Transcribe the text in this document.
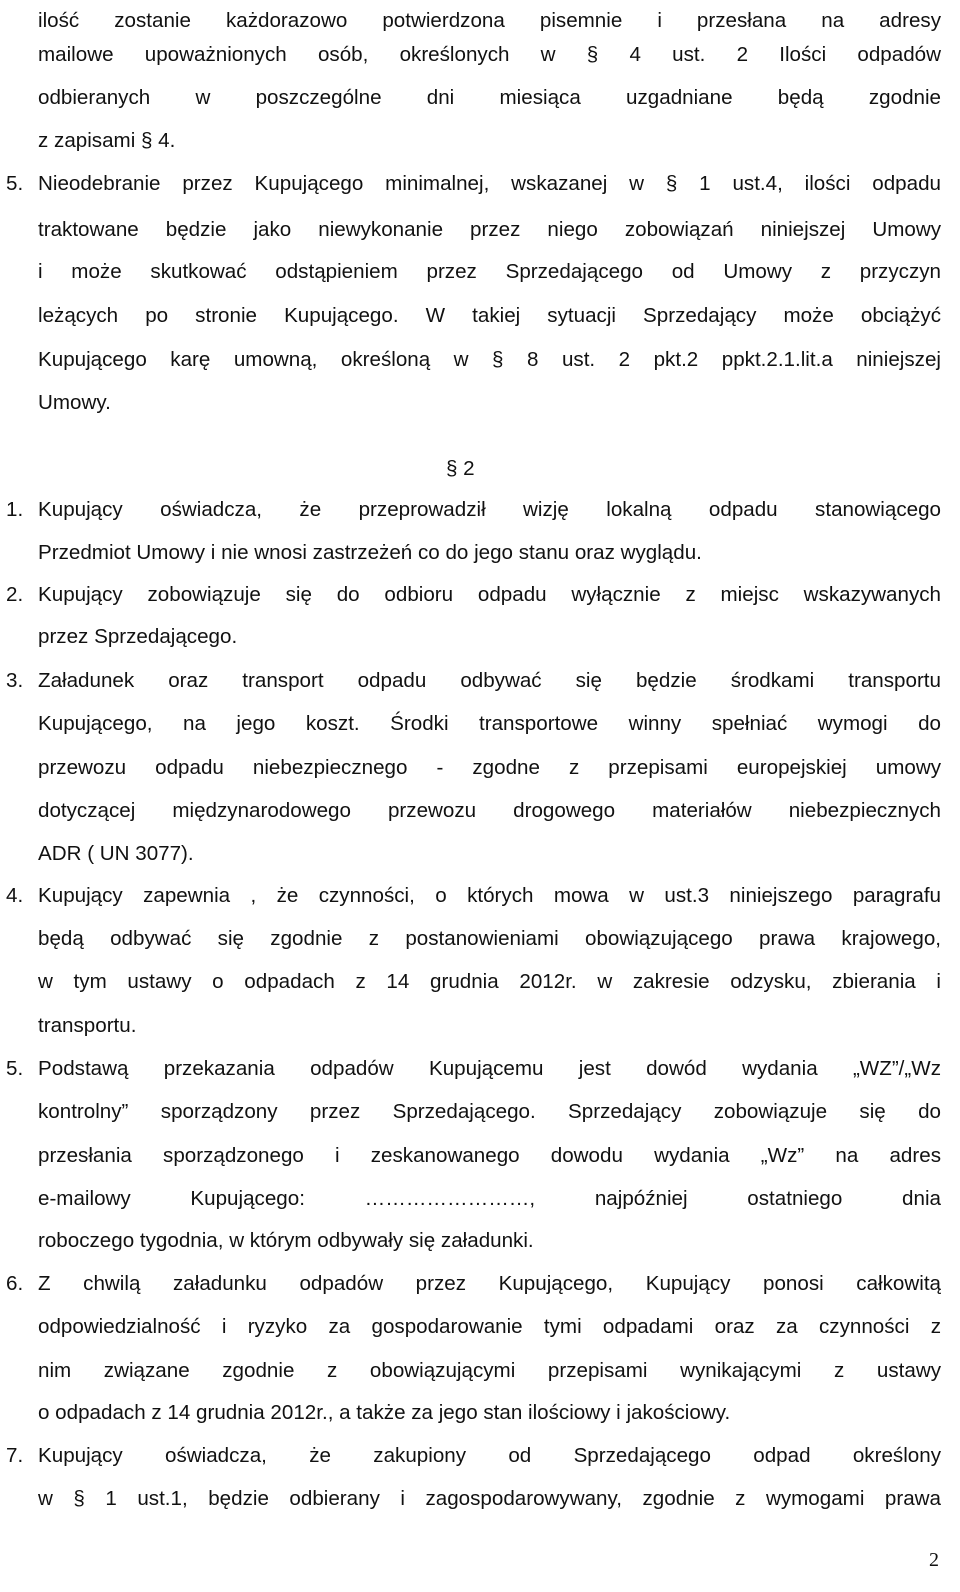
ilość zostanie każdorazowo potwierdzona pisemnie i przesłana na adresy
mailowe upoważnionych osób, określonych w § 4 ust. 2 Ilości odpadów
odbieranych w poszczególne dni miesiąca uzgadniane będą zgodnie
z zapisami § 4.
5. Nieodebranie przez Kupującego minimalnej, wskazanej w § 1 ust.4, ilości odpadu
traktowane będzie jako niewykonanie przez niego zobowiązań niniejszej Umowy
i może skutkować odstąpieniem przez Sprzedającego od Umowy z przyczyn
leżących po stronie Kupującego. W takiej sytuacji Sprzedający może obciążyć
Kupującego karę umowną, określoną w § 8 ust. 2 pkt.2 ppkt.2.1.lit.a niniejszej
Umowy.
§ 2
1. Kupujący oświadcza, że przeprowadził wizję lokalną odpadu stanowiącego
Przedmiot Umowy i nie wnosi zastrzeżeń co do jego stanu oraz wyglądu.
2. Kupujący zobowiązuje się do odbioru odpadu wyłącznie z miejsc wskazywanych
przez Sprzedającego.
3. Załadunek oraz transport odpadu odbywać się będzie środkami transportu
Kupującego, na jego koszt. Środki transportowe winny spełniać wymogi do
przewozu odpadu niebezpiecznego - zgodne z przepisami europejskiej umowy
dotyczącej międzynarodowego przewozu drogowego materiałów niebezpiecznych
ADR ( UN 3077).
4. Kupujący zapewnia , że czynności, o których mowa w ust.3 niniejszego paragrafu
będą odbywać się zgodnie z postanowieniami obowiązującego prawa krajowego,
w tym ustawy o odpadach z 14 grudnia 2012r. w zakresie odzysku, zbierania i
transportu.
5. Podstawą przekazania odpadów Kupującemu jest dowód wydania „WZ”/„Wz
kontrolny” sporządzony przez Sprzedającego. Sprzedający zobowiązuje się do
przesłania sporządzonego i zeskanowanego dowodu wydania „Wz” na adres
e-mailowy Kupującego: ……………………, najpóźniej ostatniego dnia
roboczego tygodnia, w którym odbywały się załadunki.
6. Z chwilą załadunku odpadów przez Kupującego, Kupujący ponosi całkowitą
odpowiedzialność i ryzyko za gospodarowanie tymi odpadami oraz za czynności z
nim związane zgodnie z obowiązującymi przepisami wynikającymi z ustawy
o odpadach z 14 grudnia 2012r., a także za jego stan ilościowy i jakościowy.
7. Kupujący oświadcza, że zakupiony od Sprzedającego odpad określony
w § 1 ust.1, będzie odbierany i zagospodarowywany, zgodnie z wymogami prawa
2
